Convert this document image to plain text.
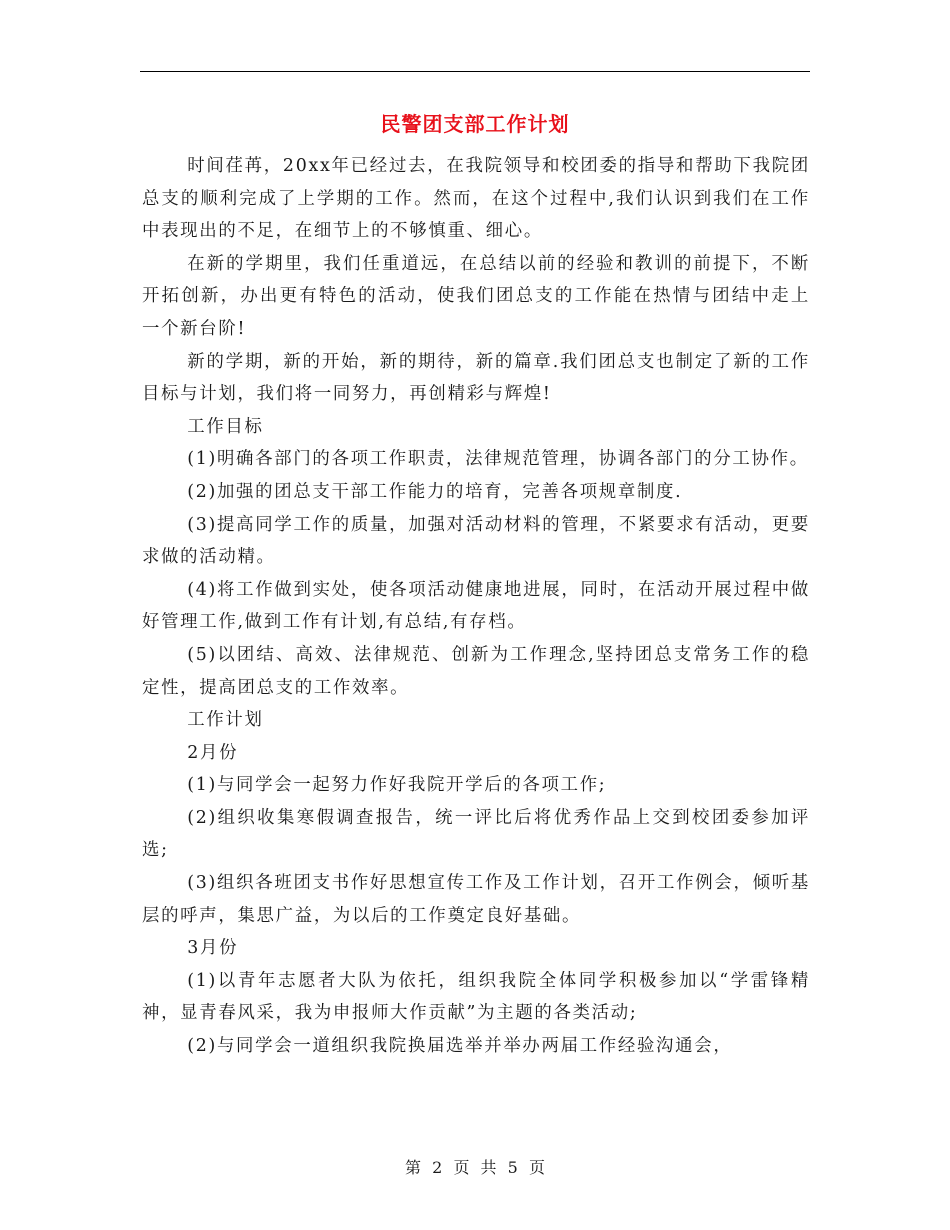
民警团支部工作计划

时间荏苒，20xx年已经过去，在我院领导和校团委的指导和帮助下我院团总支的顺利完成了上学期的工作。然而，在这个过程中,我们认识到我们在工作中表现出的不足，在细节上的不够慎重、细心。

在新的学期里，我们任重道远，在总结以前的经验和教训的前提下，不断开拓创新，办出更有特色的活动，使我们团总支的工作能在热情与团结中走上一个新台阶!

新的学期，新的开始，新的期待，新的篇章.我们团总支也制定了新的工作目标与计划，我们将一同努力，再创精彩与辉煌!

工作目标

(1)明确各部门的各项工作职责，法律规范管理，协调各部门的分工协作。

(2)加强的团总支干部工作能力的培育，完善各项规章制度.

(3)提高同学工作的质量，加强对活动材料的管理，不紧要求有活动，更要求做的活动精。

(4)将工作做到实处，使各项活动健康地进展，同时，在活动开展过程中做好管理工作,做到工作有计划,有总结,有存档。

(5)以团结、高效、法律规范、创新为工作理念,坚持团总支常务工作的稳定性，提高团总支的工作效率。

工作计划

2月份

(1)与同学会一起努力作好我院开学后的各项工作;

(2)组织收集寒假调查报告，统一评比后将优秀作品上交到校团委参加评选;

(3)组织各班团支书作好思想宣传工作及工作计划，召开工作例会，倾听基层的呼声，集思广益，为以后的工作奠定良好基础。

3月份

(1)以青年志愿者大队为依托，组织我院全体同学积极参加以“学雷锋精神，显青春风采，我为申报师大作贡献”为主题的各类活动;

(2)与同学会一道组织我院换届选举并举办两届工作经验沟通会，

第 2 页 共 5 页
